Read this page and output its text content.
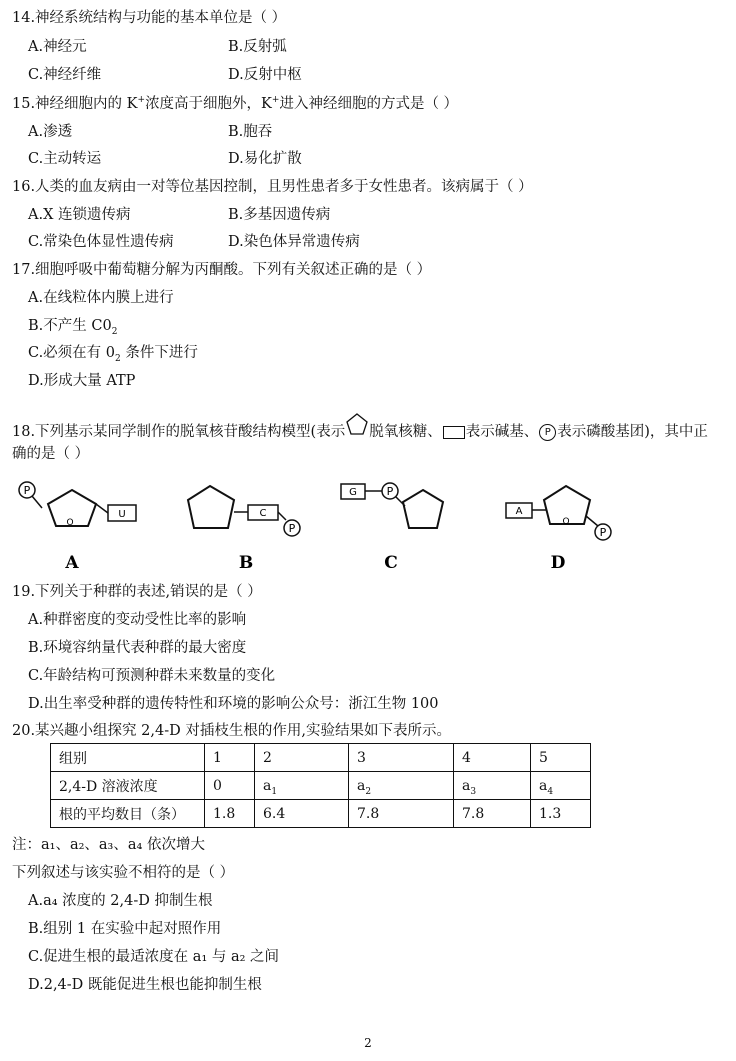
14.神经系统结构与功能的基本单位是（ ）
A.神经元	B.反射弧
C.神经纤维	D.反射中枢
15.神经细胞内的 K+浓度高于细胞外，K+进入神经细胞的方式是（ ）
A.渗透	B.胞吞
C.主动转运	D.易化扩散
16.人类的血友病由一对等位基因控制，且男性患者多于女性患者。该病属于（ ）
A.X 连锁遗传病	B.多基因遗传病
C.常染色体显性遗传病	D.染色体异常遗传病
17.细胞呼吸中葡萄糖分解为丙酮酸。下列有关叙述正确的是（ ）
A.在线粒体内膜上进行
B.不产生 $C0_2$
C.必须在有 $0_2$ 条件下进行
D.形成大量 ATP
18.下列基示某同学制作的脱氧核苷酸结构模型(表示 脱氧核糖、 表示碱基、 P 表示磷酸基团)，其中正
确的是（ ）
P
U
O
A
C
P
B
G	P
C
A
O
P
D
19.下列关于种群的表述,销误的是（ ）
A.种群密度的变动受性比率的影响
B.环境容纳量代表种群的最大密度
C.年龄结构可预测种群未来数量的变化
D.出生率受种群的遗传特性和环境的影响公众号：浙江生物 100
20.某兴趣小组探究 2,4-D 对插枝生根的作用,实验结果如下表所示。
组别	1	2	3	4	5
2,4-D 溶液浓度	0	$a_1$	$a_2$	$a_3$	$a_4$
根的平均数目（条）	1.8	6.4	7.8	7.8	1.3
注：a₁、a₂、a₃、a₄ 依次增大
下列叙述与该实验不相符的是（ ）
A.a₄ 浓度的 2,4-D 抑制生根
B.组别 1 在实验中起对照作用
C.促进生根的最适浓度在 a₁ 与 a₂ 之间
D.2,4-D 既能促进生根也能抑制生根
2
